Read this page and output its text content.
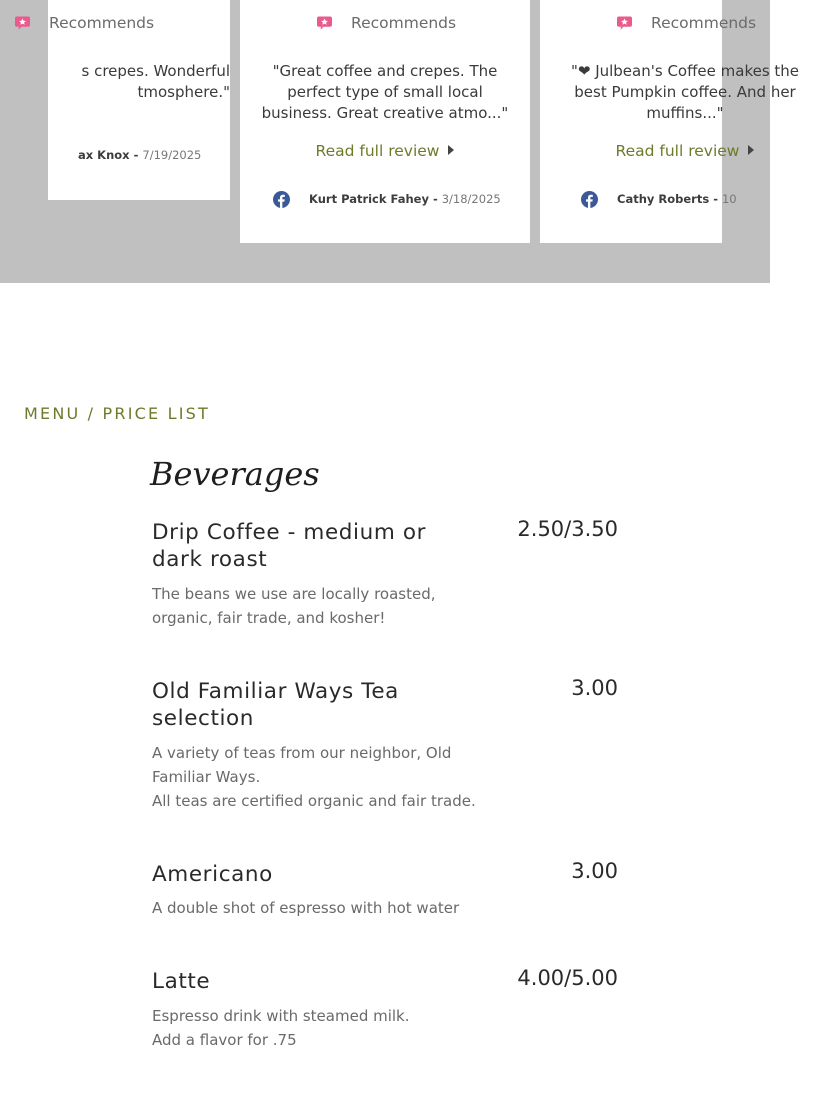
Recommends
s crepes. Wonderful
tmosphere."
ax Knox - 7/19/2025
Recommends
"Great coffee and crepes. The perfect type of small local business. Great creative atmo..."
Read full review
Kurt Patrick Fahey - 3/18/2025
Recommends
"❤ Julbean's Coffee makes the best Pumpkin coffee. And her muffins..."
Read full review
Cathy Roberts - 10
MENU / PRICE LIST
Beverages
Drip Coffee - medium or dark roast
2.50/3.50
The beans we use are locally roasted, organic, fair trade, and kosher!
Old Familiar Ways Tea selection
3.00
A variety of teas from our neighbor, Old Familiar Ways.
All teas are certified organic and fair trade.
Americano	3.00
A double shot of espresso with hot water
Latte	4.00/5.00
Espresso drink with steamed milk.
Add a flavor for .75
